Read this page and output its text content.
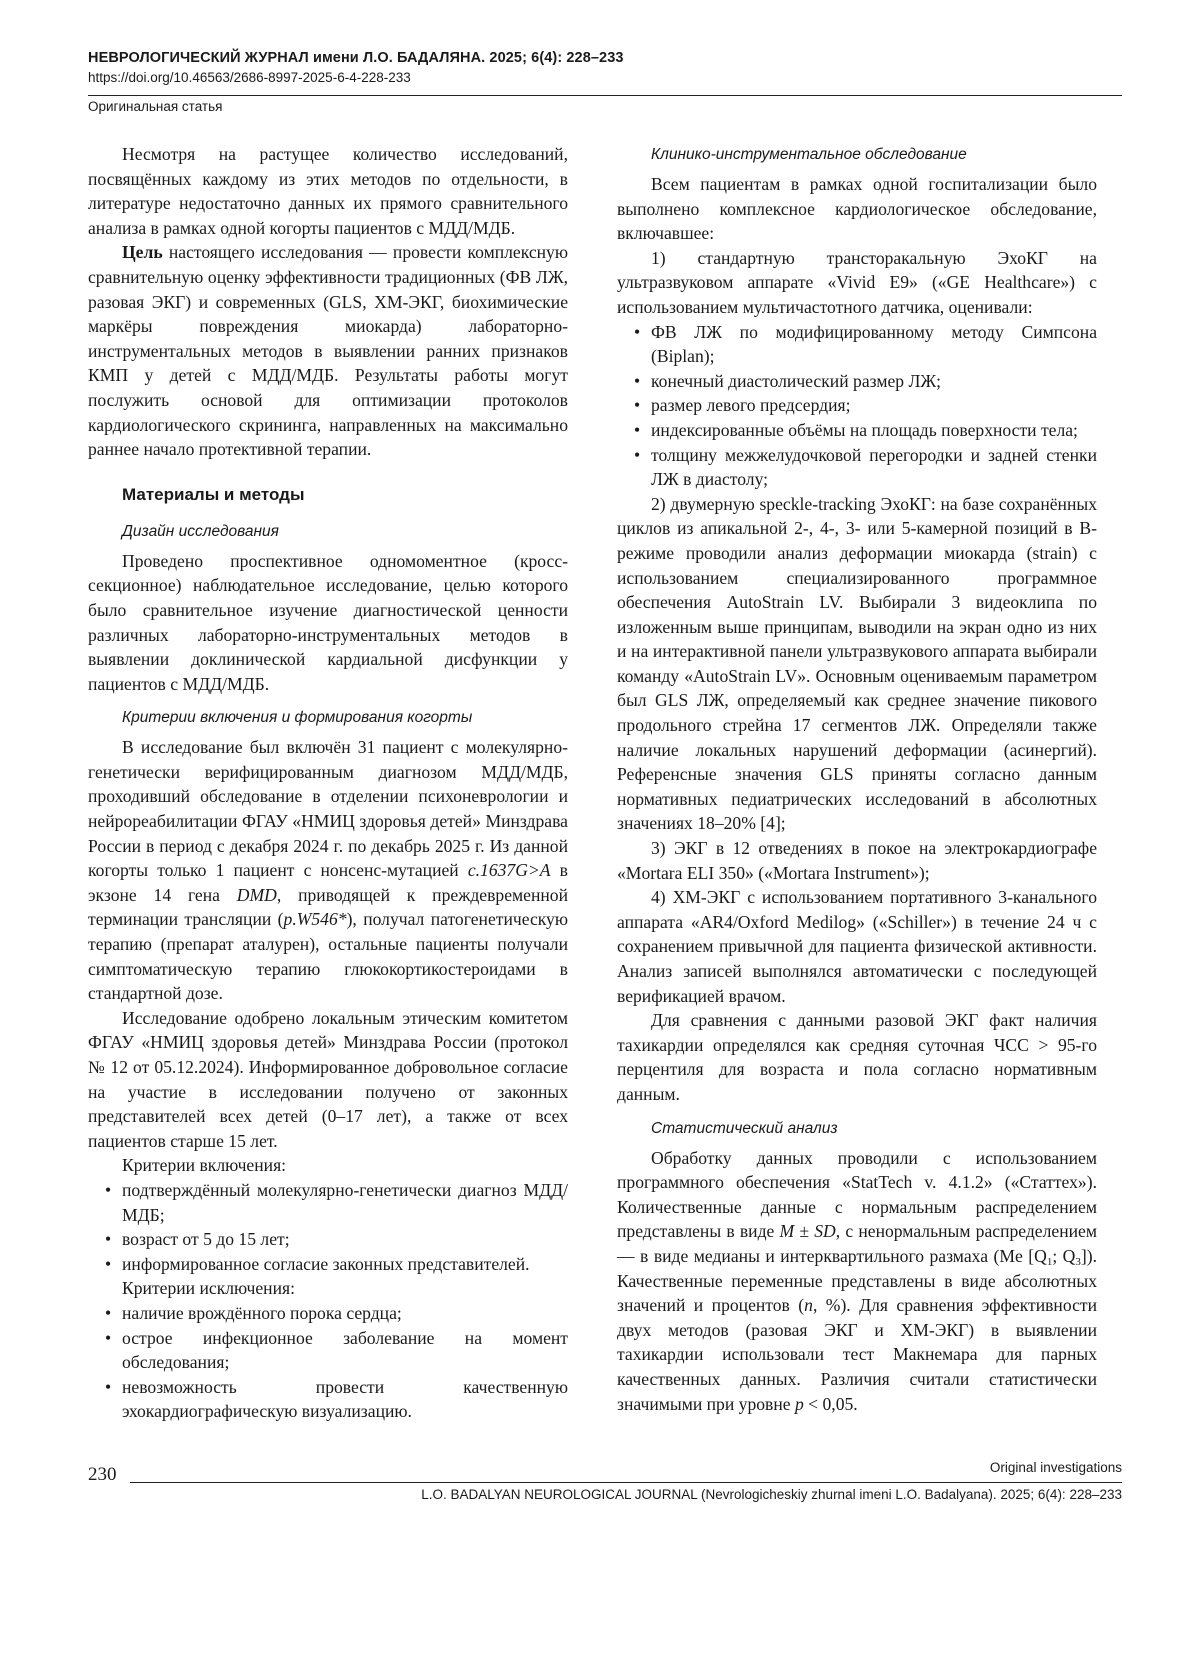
НЕВРОЛОГИЧЕСКИЙ ЖУРНАЛ имени Л.О. БАДАЛЯНА. 2025; 6(4): 228–233
https://doi.org/10.46563/2686-8997-2025-6-4-228-233
Оригинальная статья

Несмотря на растущее количество исследований, посвящённых каждому из этих методов по отдельности, в литературе недостаточно данных их прямого сравнительного анализа в рамках одной когорты пациентов с МДД/МДБ.

Цель настоящего исследования — провести комплексную сравнительную оценку эффективности традиционных (ФВ ЛЖ, разовая ЭКГ) и современных (GLS, ХМ-ЭКГ, биохимические маркёры повреждения миокарда) лабораторно-инструментальных методов в выявлении ранних признаков КМП у детей с МДД/МДБ. Результаты работы могут послужить основой для оптимизации протоколов кардиологического скрининга, направленных на максимально раннее начало протективной терапии.

Материалы и методы
Дизайн исследования

Проведено проспективное одномоментное (кросс-секционное) наблюдательное исследование, целью которого было сравнительное изучение диагностической ценности различных лабораторно-инструментальных методов в выявлении доклинической кардиальной дисфункции у пациентов с МДД/МДБ.

Критерии включения и формирования когорты

В исследование был включён 31 пациент с молекулярно-генетически верифицированным диагнозом МДД/МДБ, проходивший обследование в отделении психоневрологии и нейрореабилитации ФГАУ «НМИЦ здоровья детей» Минздрава России в период с декабря 2024 г. по декабрь 2025 г. Из данной когорты только 1 пациент с нонсенс-мутацией c.1637G>A в экзоне 14 гена DMD, приводящей к преждевременной терминации трансляции (p.W546*), получал патогенетическую терапию (препарат аталурен), остальные пациенты получали симптоматическую терапию глюкокортикостероидами в стандартной дозе.

Исследование одобрено локальным этическим комитетом ФГАУ «НМИЦ здоровья детей» Минздрава России (протокол № 12 от 05.12.2024). Информированное добровольное согласие на участие в исследовании получено от законных представителей всех детей (0–17 лет), а также от всех пациентов старше 15 лет.

Критерии включения:
• подтверждённый молекулярно-генетически диагноз МДД/МДБ;
• возраст от 5 до 15 лет;
• информированное согласие законных представителей.
Критерии исключения:
• наличие врождённого порока сердца;
• острое инфекционное заболевание на момент обследования;
• невозможность провести качественную эхокардиографическую визуализацию.
Клинико-инструментальное обследование

Всем пациентам в рамках одной госпитализации было выполнено комплексное кардиологическое обследование, включавшее:

1) стандартную трансторакальную ЭхоКГ на ультразвуковом аппарате «Vivid E9» («GE Healthcare») с использованием мультичастотного датчика, оценивали:

• ФВ ЛЖ по модифицированному методу Симпсона (Biplan);
• конечный диастолический размер ЛЖ;
• размер левого предсердия;
• индексированные объёмы на площадь поверхности тела;
• толщину межжелудочковой перегородки и задней стенки ЛЖ в диастолу;

2) двумерную speckle-tracking ЭхоКГ: на базе сохранённых циклов из апикальной 2-, 4-, 3- или 5-камерной позиций в В-режиме проводили анализ деформации миокарда (strain) с использованием специализированного программное обеспечения AutoStrain LV. Выбирали 3 видеоклипа по изложенным выше принципам, выводили на экран одно из них и на интерактивной панели ультразвукового аппарата выбирали команду «AutoStrain LV». Основным оцениваемым параметром был GLS ЛЖ, определяемый как среднее значение пикового продольного стрейна 17 сегментов ЛЖ. Определяли также наличие локальных нарушений деформации (асинергий). Референсные значения GLS приняты согласно данным нормативных педиатрических исследований в абсолютных значениях 18–20% [4];

3) ЭКГ в 12 отведениях в покое на электрокардиографе «Mortara ELI 350» («Mortara Instrument»);

4) ХМ-ЭКГ с использованием портативного 3-канального аппарата «AR4/Oxford Medilog» («Schiller») в течение 24 ч с сохранением привычной для пациента физической активности. Анализ записей выполнялся автоматически с последующей верификацией врачом.

Для сравнения с данными разовой ЭКГ факт наличия тахикардии определялся как средняя суточная ЧСС > 95-го перцентиля для возраста и пола согласно нормативным данным.

Статистический анализ

Обработку данных проводили с использованием программного обеспечения «StatTech v. 4.1.2» («Статтех»). Количественные данные с нормальным распределением представлены в виде M ± SD, с ненормальным распределением — в виде медианы и интерквартильного размаха (Me [$Q_1$; $Q_3$]). Качественные переменные представлены в виде абсолютных значений и процентов (n, %). Для сравнения эффективности двух методов (разовая ЭКГ и ХМ-ЭКГ) в выявлении тахикардии использовали тест Макнемара для парных качественных данных. Различия считали статистически значимыми при уровне p < 0,05.

230	Original investigations
L.O. BADALYAN NEUROLOGICAL JOURNAL (Nevrologicheskiy zhurnal imeni L.O. Badalyana). 2025; 6(4): 228–233
